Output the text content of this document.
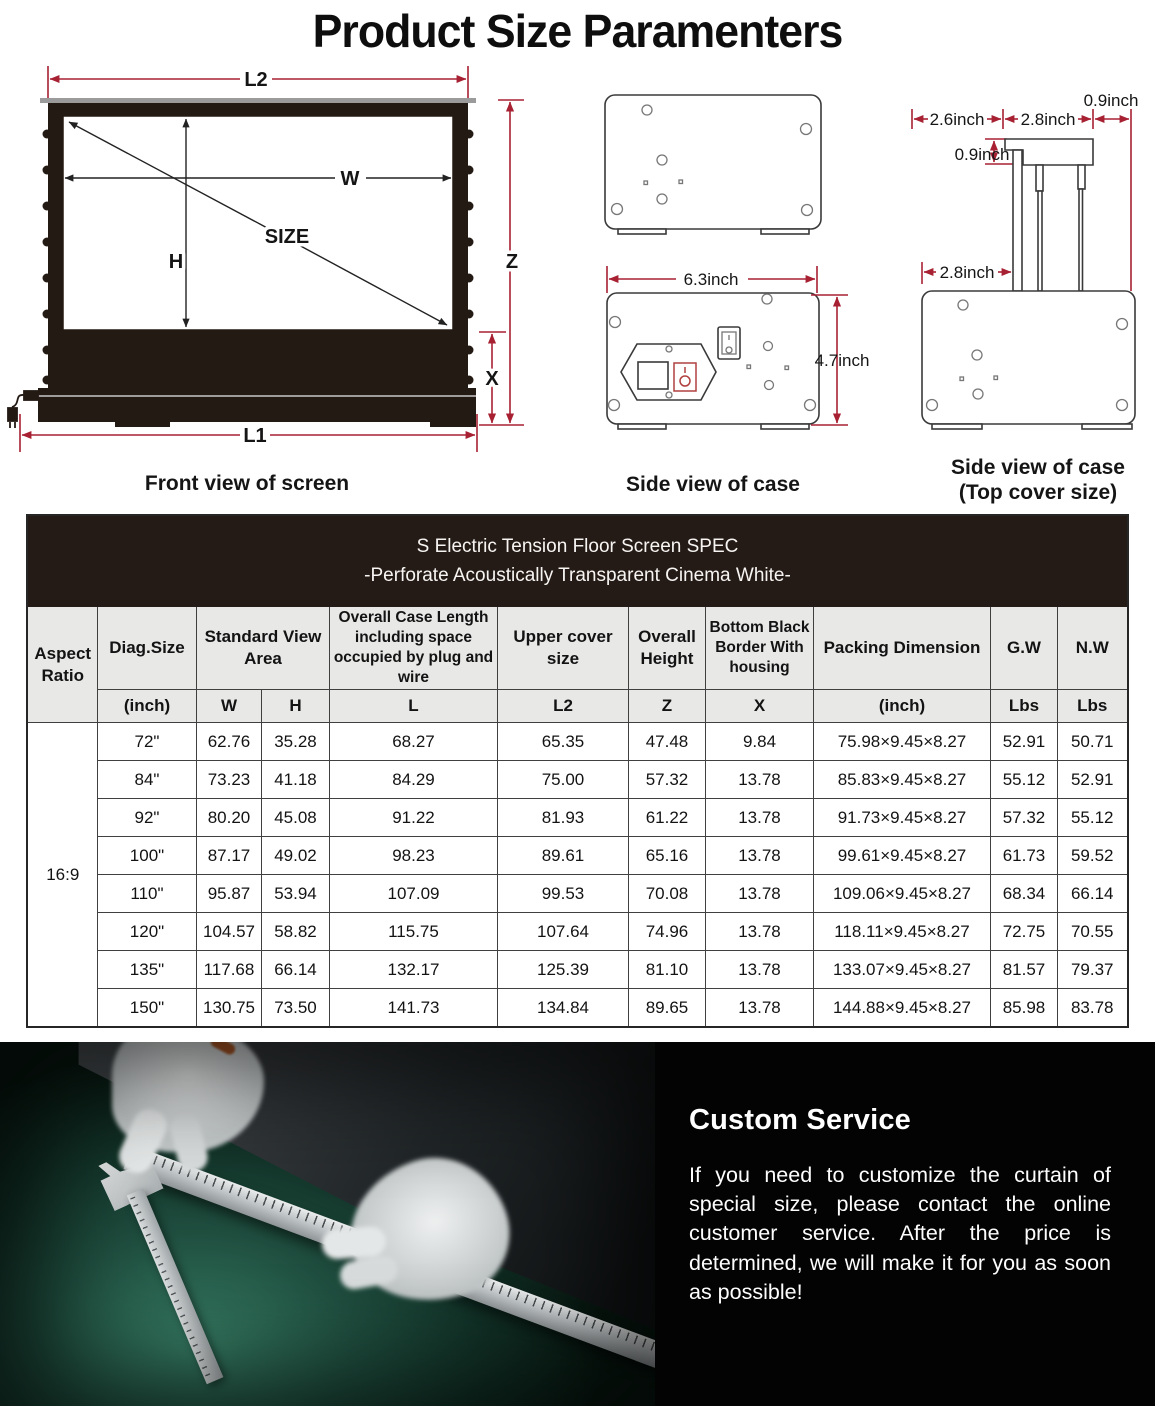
Product Size Paramenters
L2
W
H
SIZE
Z
X
L1
Front view of screen
6.3inch
4.7inch
Side view of case
0.9inch
2.6inch 2.8inch
0.9inch
2.8inch
Side view of case
(Top cover size)
S Electric Tension Floor Screen SPEC
-Perforate Acoustically Transparent Cinema White-										

Aspect Ratio	Diag.Size	Standard View Area		Overall Case Length including space occupied by plug and wire	Upper cover size	Overall Height	Bottom Black Border With housing	Packing Dimension	G.W	N.W
	(inch)	W	H	L	L2	Z	X	(inch)	Lbs	Lbs
16:9	72"	62.76	35.28	68.27	65.35	47.48	9.84	75.98×9.45×8.27	52.91	50.71
	84"	73.23	41.18	84.29	75.00	57.32	13.78	85.83×9.45×8.27	55.12	52.91
	92"	80.20	45.08	91.22	81.93	61.22	13.78	91.73×9.45×8.27	57.32	55.12
	100"	87.17	49.02	98.23	89.61	65.16	13.78	99.61×9.45×8.27	61.73	59.52
	110"	95.87	53.94	107.09	99.53	70.08	13.78	109.06×9.45×8.27	68.34	66.14
	120"	104.57	58.82	115.75	107.64	74.96	13.78	118.11×9.45×8.27	72.75	70.55
	135"	117.68	66.14	132.17	125.39	81.10	13.78	133.07×9.45×8.27	81.57	79.37
	150"	130.75	73.50	141.73	134.84	89.65	13.78	144.88×9.45×8.27	85.98	83.78
Custom Service

If you need to customize the curtain of special size, please contact the online customer service. After the price is determined, we will make it for you as soon as possible!
